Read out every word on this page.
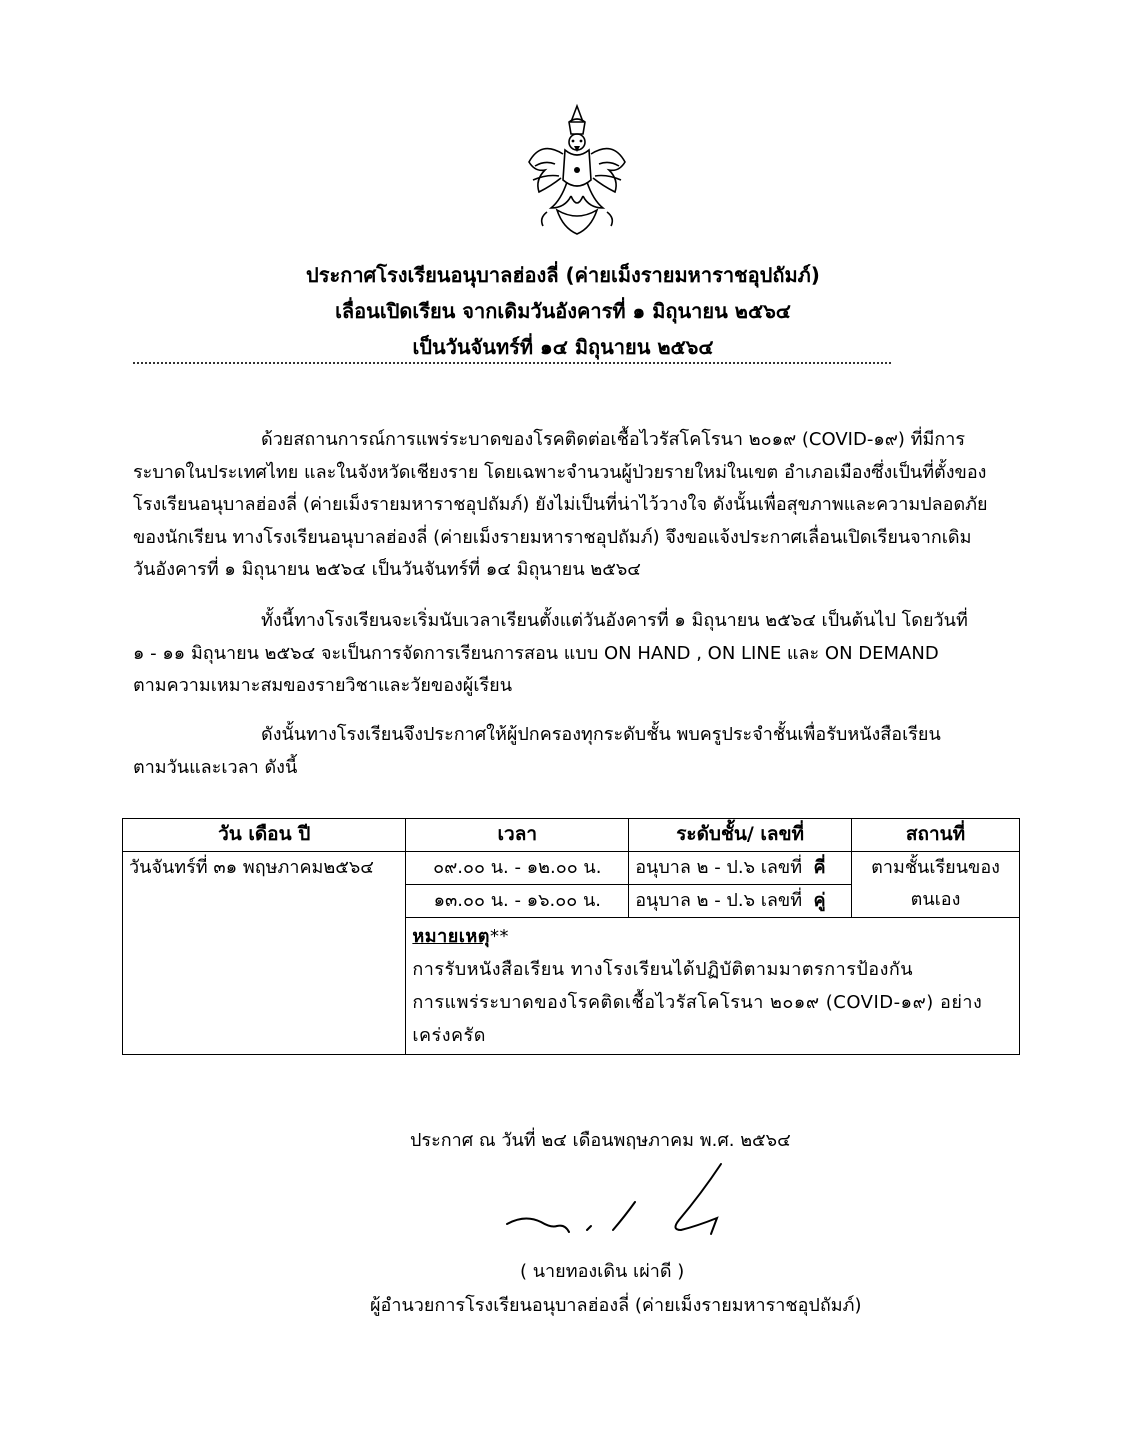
ประกาศโรงเรียนอนุบาลฮ่องลี่ (ค่ายเม็งรายมหาราชอุปถัมภ์)
เลื่อนเปิดเรียน จากเดิมวันอังคารที่ ๑ มิถุนายน ๒๕๖๔
เป็นวันจันทร์ที่ ๑๔ มิถุนายน ๒๕๖๔
ด้วยสถานการณ์การแพร่ระบาดของโรคติดต่อเชื้อไวรัสโคโรนา ๒๐๑๙ (COVID-๑๙) ที่มีการ
ระบาดในประเทศไทย และในจังหวัดเชียงราย โดยเฉพาะจำนวนผู้ป่วยรายใหม่ในเขต อำเภอเมืองซึ่งเป็นที่ตั้งของ
โรงเรียนอนุบาลฮ่องลี่ (ค่ายเม็งรายมหาราชอุปถัมภ์) ยังไม่เป็นที่น่าไว้วางใจ ดังนั้นเพื่อสุขภาพและความปลอดภัย
ของนักเรียน ทางโรงเรียนอนุบาลฮ่องลี่ (ค่ายเม็งรายมหาราชอุปถัมภ์) จึงขอแจ้งประกาศเลื่อนเปิดเรียนจากเดิม
วันอังคารที่ ๑ มิถุนายน ๒๕๖๔ เป็นวันจันทร์ที่ ๑๔ มิถุนายน ๒๕๖๔
ทั้งนี้ทางโรงเรียนจะเริ่มนับเวลาเรียนตั้งแต่วันอังคารที่ ๑ มิถุนายน ๒๕๖๔ เป็นต้นไป โดยวันที่
๑ - ๑๑ มิถุนายน ๒๕๖๔ จะเป็นการจัดการเรียนการสอน แบบ ON HAND , ON LINE และ ON DEMAND
ตามความเหมาะสมของรายวิชาและวัยของผู้เรียน
ดังนั้นทางโรงเรียนจึงประกาศให้ผู้ปกครองทุกระดับชั้น พบครูประจำชั้นเพื่อรับหนังสือเรียน
ตามวันและเวลา ดังนี้
วัน เดือน ปี	เวลา	ระดับชั้น/ เลขที่	สถานที่
วันจันทร์ที่ ๓๑ พฤษภาคม๒๕๖๔	๐๙.๐๐ น. - ๑๒.๐๐ น.	อนุบาล ๒ - ป.๖ เลขที่ คี่	ตามชั้นเรียนของ
ตนเอง

	๑๓.๐๐ น. - ๑๖.๐๐ น.	อนุบาล ๒ - ป.๖ เลขที่ คู่	

	หมายเหตุ**
การรับหนังสือเรียน ทางโรงเรียนได้ปฏิบัติตามมาตรการป้องกัน
การแพร่ระบาดของโรคติดเชื้อไวรัสโคโรนา ๒๐๑๙ (COVID-๑๙) อย่าง
เคร่งครัด		
ประกาศ ณ วันที่ ๒๔ เดือนพฤษภาคม พ.ศ. ๒๕๖๔
( นายทองเดิน เผ่าดี )
ผู้อำนวยการโรงเรียนอนุบาลฮ่องลี่ (ค่ายเม็งรายมหาราชอุปถัมภ์)
